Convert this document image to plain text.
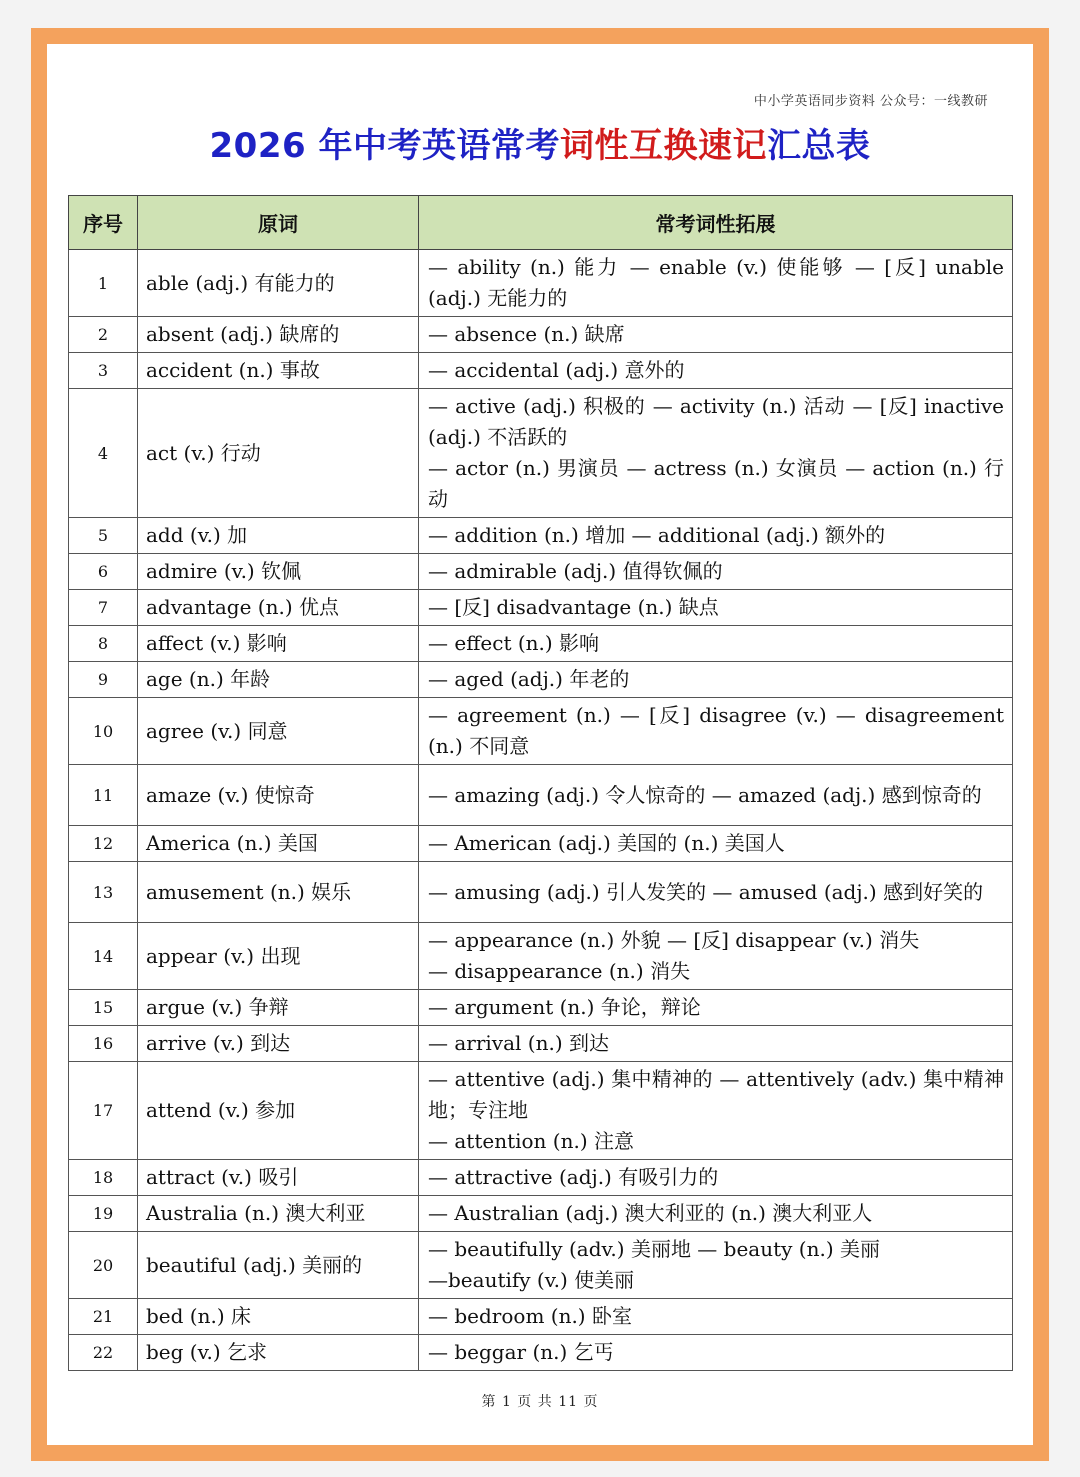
中小学英语同步资料 公众号：一线教研
2026 年中考英语常考词性互换速记汇总表
序号	原词	常考词性拓展
1	able (adj.) 有能力的	— ability (n.) 能力 — enable (v.) 使能够 — [反] unable (adj.) 无能力的

2	absent (adj.) 缺席的	— absence (n.) 缺席

3	accident (n.) 事故	— accidental (adj.) 意外的

4	act (v.) 行动	— active (adj.) 积极的 — activity (n.) 活动 — [反] inactive (adj.) 不活跃的
— actor (n.) 男演员 — actress (n.) 女演员 — action (n.) 行动

5	add (v.) 加	— addition (n.) 增加 — additional (adj.) 额外的

6	admire (v.) 钦佩	— admirable (adj.) 值得钦佩的

7	advantage (n.) 优点	— [反] disadvantage (n.) 缺点

8	affect (v.) 影响	— effect (n.) 影响

9	age (n.) 年龄	— aged (adj.) 年老的

10	agree (v.) 同意	— agreement (n.) — [反] disagree (v.) — disagreement (n.) 不同意

11	amaze (v.) 使惊奇	— amazing (adj.) 令人惊奇的 — amazed (adj.) 感到惊奇的

12	America (n.) 美国	— American (adj.) 美国的 (n.) 美国人

13	amusement (n.) 娱乐	— amusing (adj.) 引人发笑的 — amused (adj.) 感到好笑的

14	appear (v.) 出现	— appearance (n.) 外貌 — [反] disappear (v.) 消失
— disappearance (n.) 消失

15	argue (v.) 争辩	— argument (n.) 争论，辩论

16	arrive (v.) 到达	— arrival (n.) 到达

17	attend (v.) 参加	— attentive (adj.) 集中精神的 — attentively (adv.) 集中精神地；专注地
— attention (n.) 注意

18	attract (v.) 吸引	— attractive (adj.) 有吸引力的

19	Australia (n.) 澳大利亚	— Australian (adj.) 澳大利亚的 (n.) 澳大利亚人

20	beautiful (adj.) 美丽的	— beautifully (adv.) 美丽地 — beauty (n.) 美丽
—beautify (v.) 使美丽

21	bed (n.) 床	— bedroom (n.) 卧室

22	beg (v.) 乞求	— beggar (n.) 乞丐
第 1 页 共 11 页
